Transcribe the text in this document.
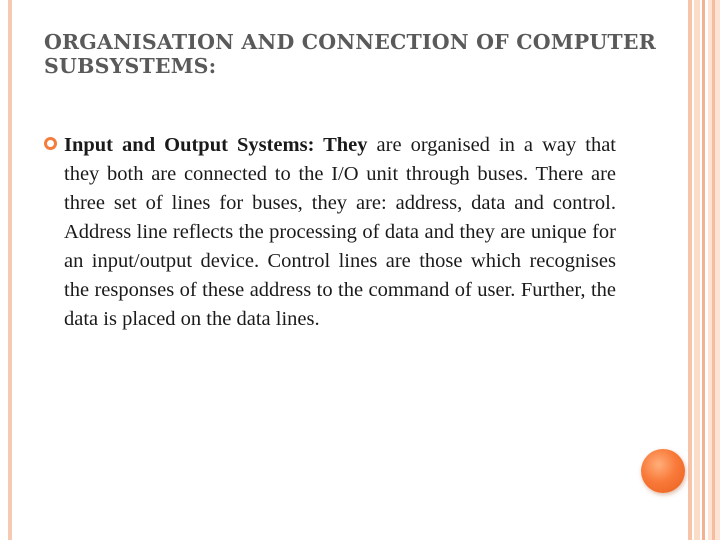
ORGANISATION AND CONNECTION OF COMPUTER SUBSYSTEMS:

Input and Output Systems: They are organised in a way that they both are connected to the I/O unit through buses. There are three set of lines for buses, they are: address, data and control. Address line reflects the processing of data and they are unique for an input/output device. Control lines are those which recognises the responses of these address to the command of user. Further, the data is placed on the data lines.
